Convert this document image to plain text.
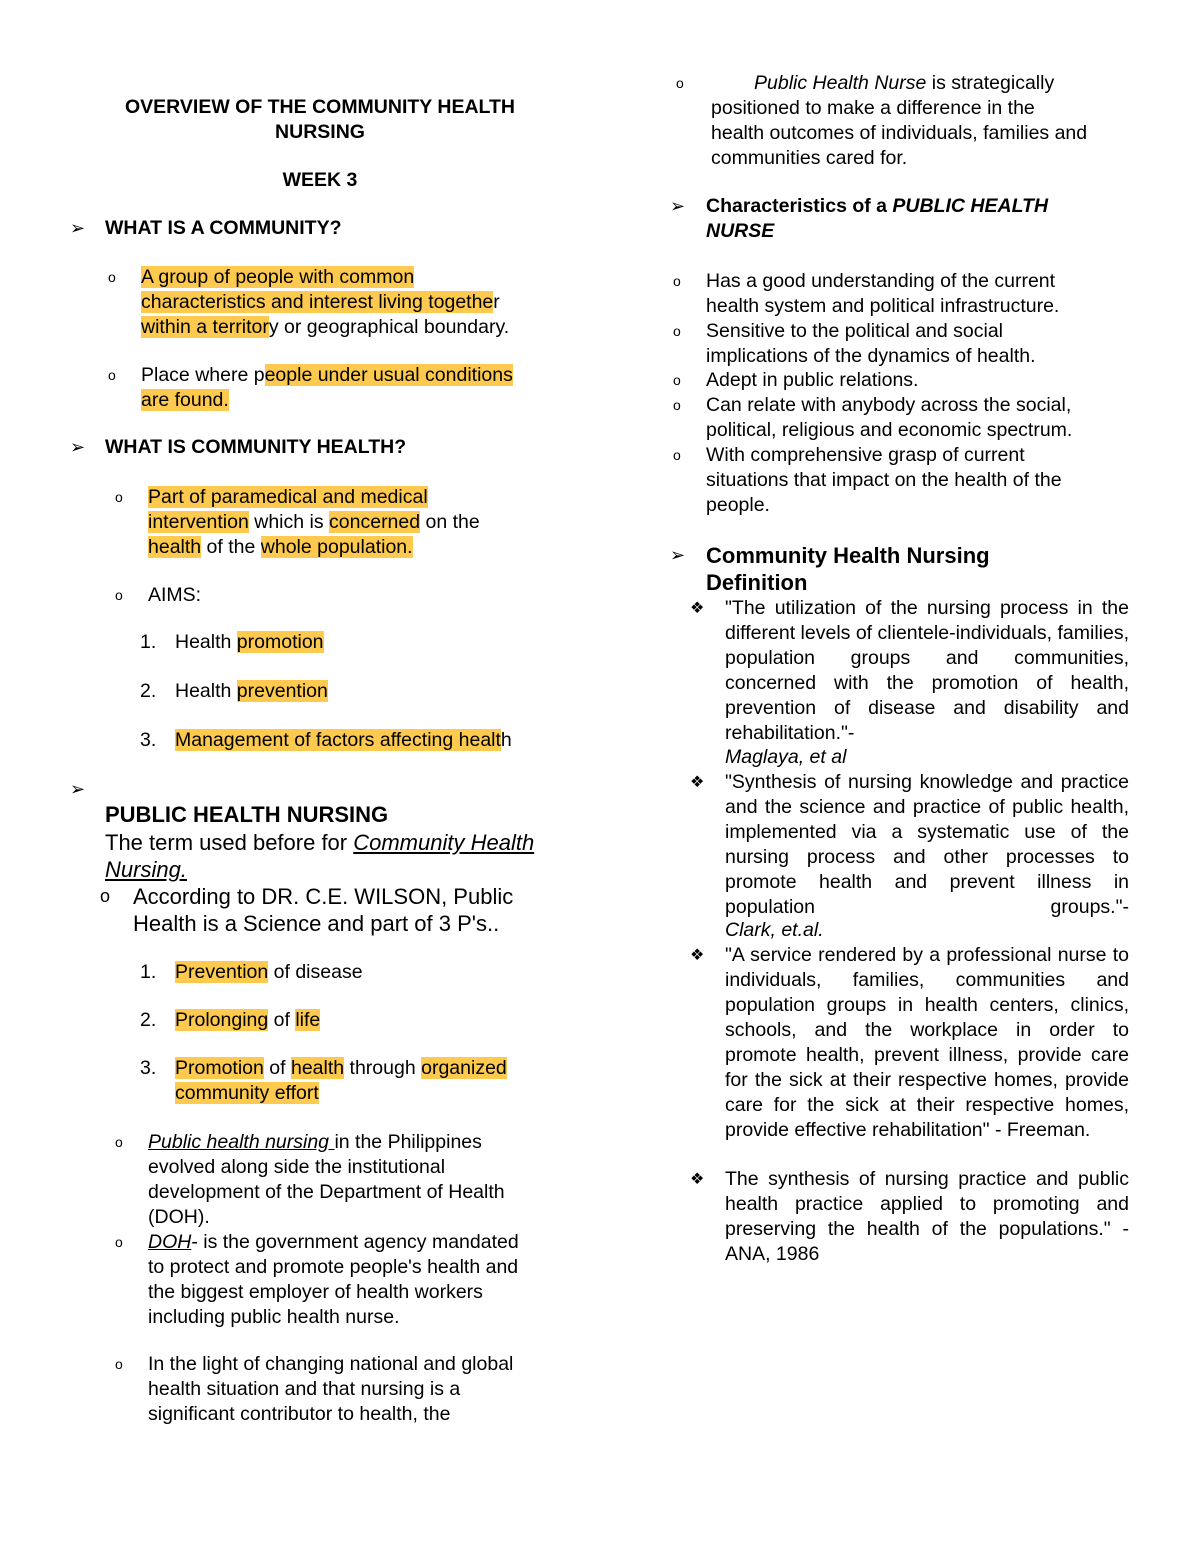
OVERVIEW OF THE COMMUNITY HEALTH
NURSING

WEEK 3

➢ WHAT IS A COMMUNITY?

o A group of people with common
characteristics and interest living together
within a territory or geographical boundary.

o Place where people under usual conditions
are found.

➢ WHAT IS COMMUNITY HEALTH?

o Part of paramedical and medical
intervention which is concerned on the
health of the whole population.

o AIMS:

1. Health promotion

2. Health prevention

3. Management of factors affecting health

➢

PUBLIC HEALTH NURSING

The term used before for Community Health
Nursing.

o According to DR. C.E. WILSON, Public
Health is a Science and part of 3 P's..

1. Prevention of disease

2. Prolonging of life

3. Promotion of health through organized
community effort

o Public health nursing in the Philippines
evolved along side the institutional
development of the Department of Health
(DOH).

o DOH- is the government agency mandated
to protect and promote people's health and
the biggest employer of health workers
including public health nurse.

o In the light of changing national and global
health situation and that nursing is a
significant contributor to health, the

o	Public Health Nurse is strategically
positioned to make a difference in the
health outcomes of individuals, families and
communities cared for.

➢ Characteristics of a PUBLIC HEALTH
NURSE

o Has a good understanding of the current
health system and political infrastructure.

o Sensitive to the political and social
implications of the dynamics of health.

o Adept in public relations.

o Can relate with anybody across the social,
political, religious and economic spectrum.

o With comprehensive grasp of current
situations that impact on the health of the
people.

➢ Community Health Nursing
Definition

❖ "The utilization of the nursing process in the different levels of clientele-individuals, families, population groups and communities, concerned with the promotion of health, prevention of disease and disability and rehabilitation."-

Maglaya, et al

❖ "Synthesis of nursing knowledge and practice and the science and practice of public health, implemented via a systematic use of the nursing process and other processes to promote health and prevent illness in population groups."-

Clark, et.al.

❖ "A service rendered by a professional nurse to individuals, families, communities and population groups in health centers, clinics, schools, and the workplace in order to promote health, prevent illness, provide care for the sick at their respective homes, provide care for the sick at their respective homes, provide effective rehabilitation" - Freeman.

❖ The synthesis of nursing practice and public health practice applied to promoting and preserving the health of the populations." - ANA, 1986
